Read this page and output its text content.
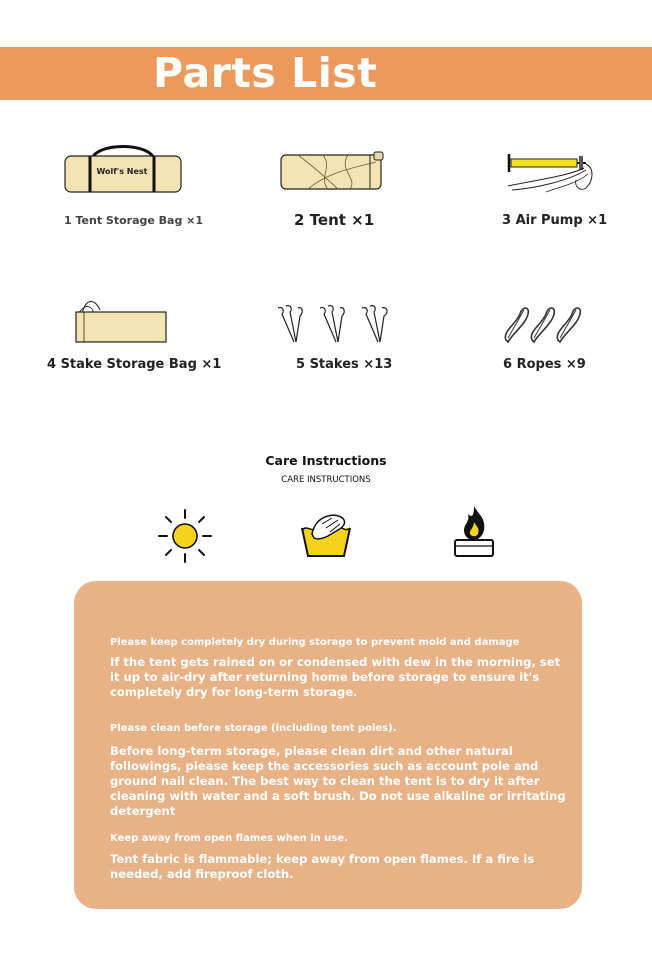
Parts List
Wolf's Nest
1 Tent Storage Bag ×1	2 Tent ×1	3 Air Pump ×1
4 Stake Storage Bag ×1	5 Stakes ×13	6 Ropes ×9
Care Instructions
CARE INSTRUCTIONS
Please keep completely dry during storage to prevent mold and damage
If the tent gets rained on or condensed with dew in the morning, set it up to air-dry after returning home before storage to ensure it's completely dry for long-term storage.
Please clean before storage (including tent poles).
Before long-term storage, please clean dirt and other natural followings, please keep the accessories such as account pole and ground nail clean. The best way to clean the tent is to dry it after cleaning with water and a soft brush. Do not use alkaline or irritating detergent
Keep away from open flames when in use.
Tent fabric is flammable; keep away from open flames. If a fire is needed, add fireproof cloth.
